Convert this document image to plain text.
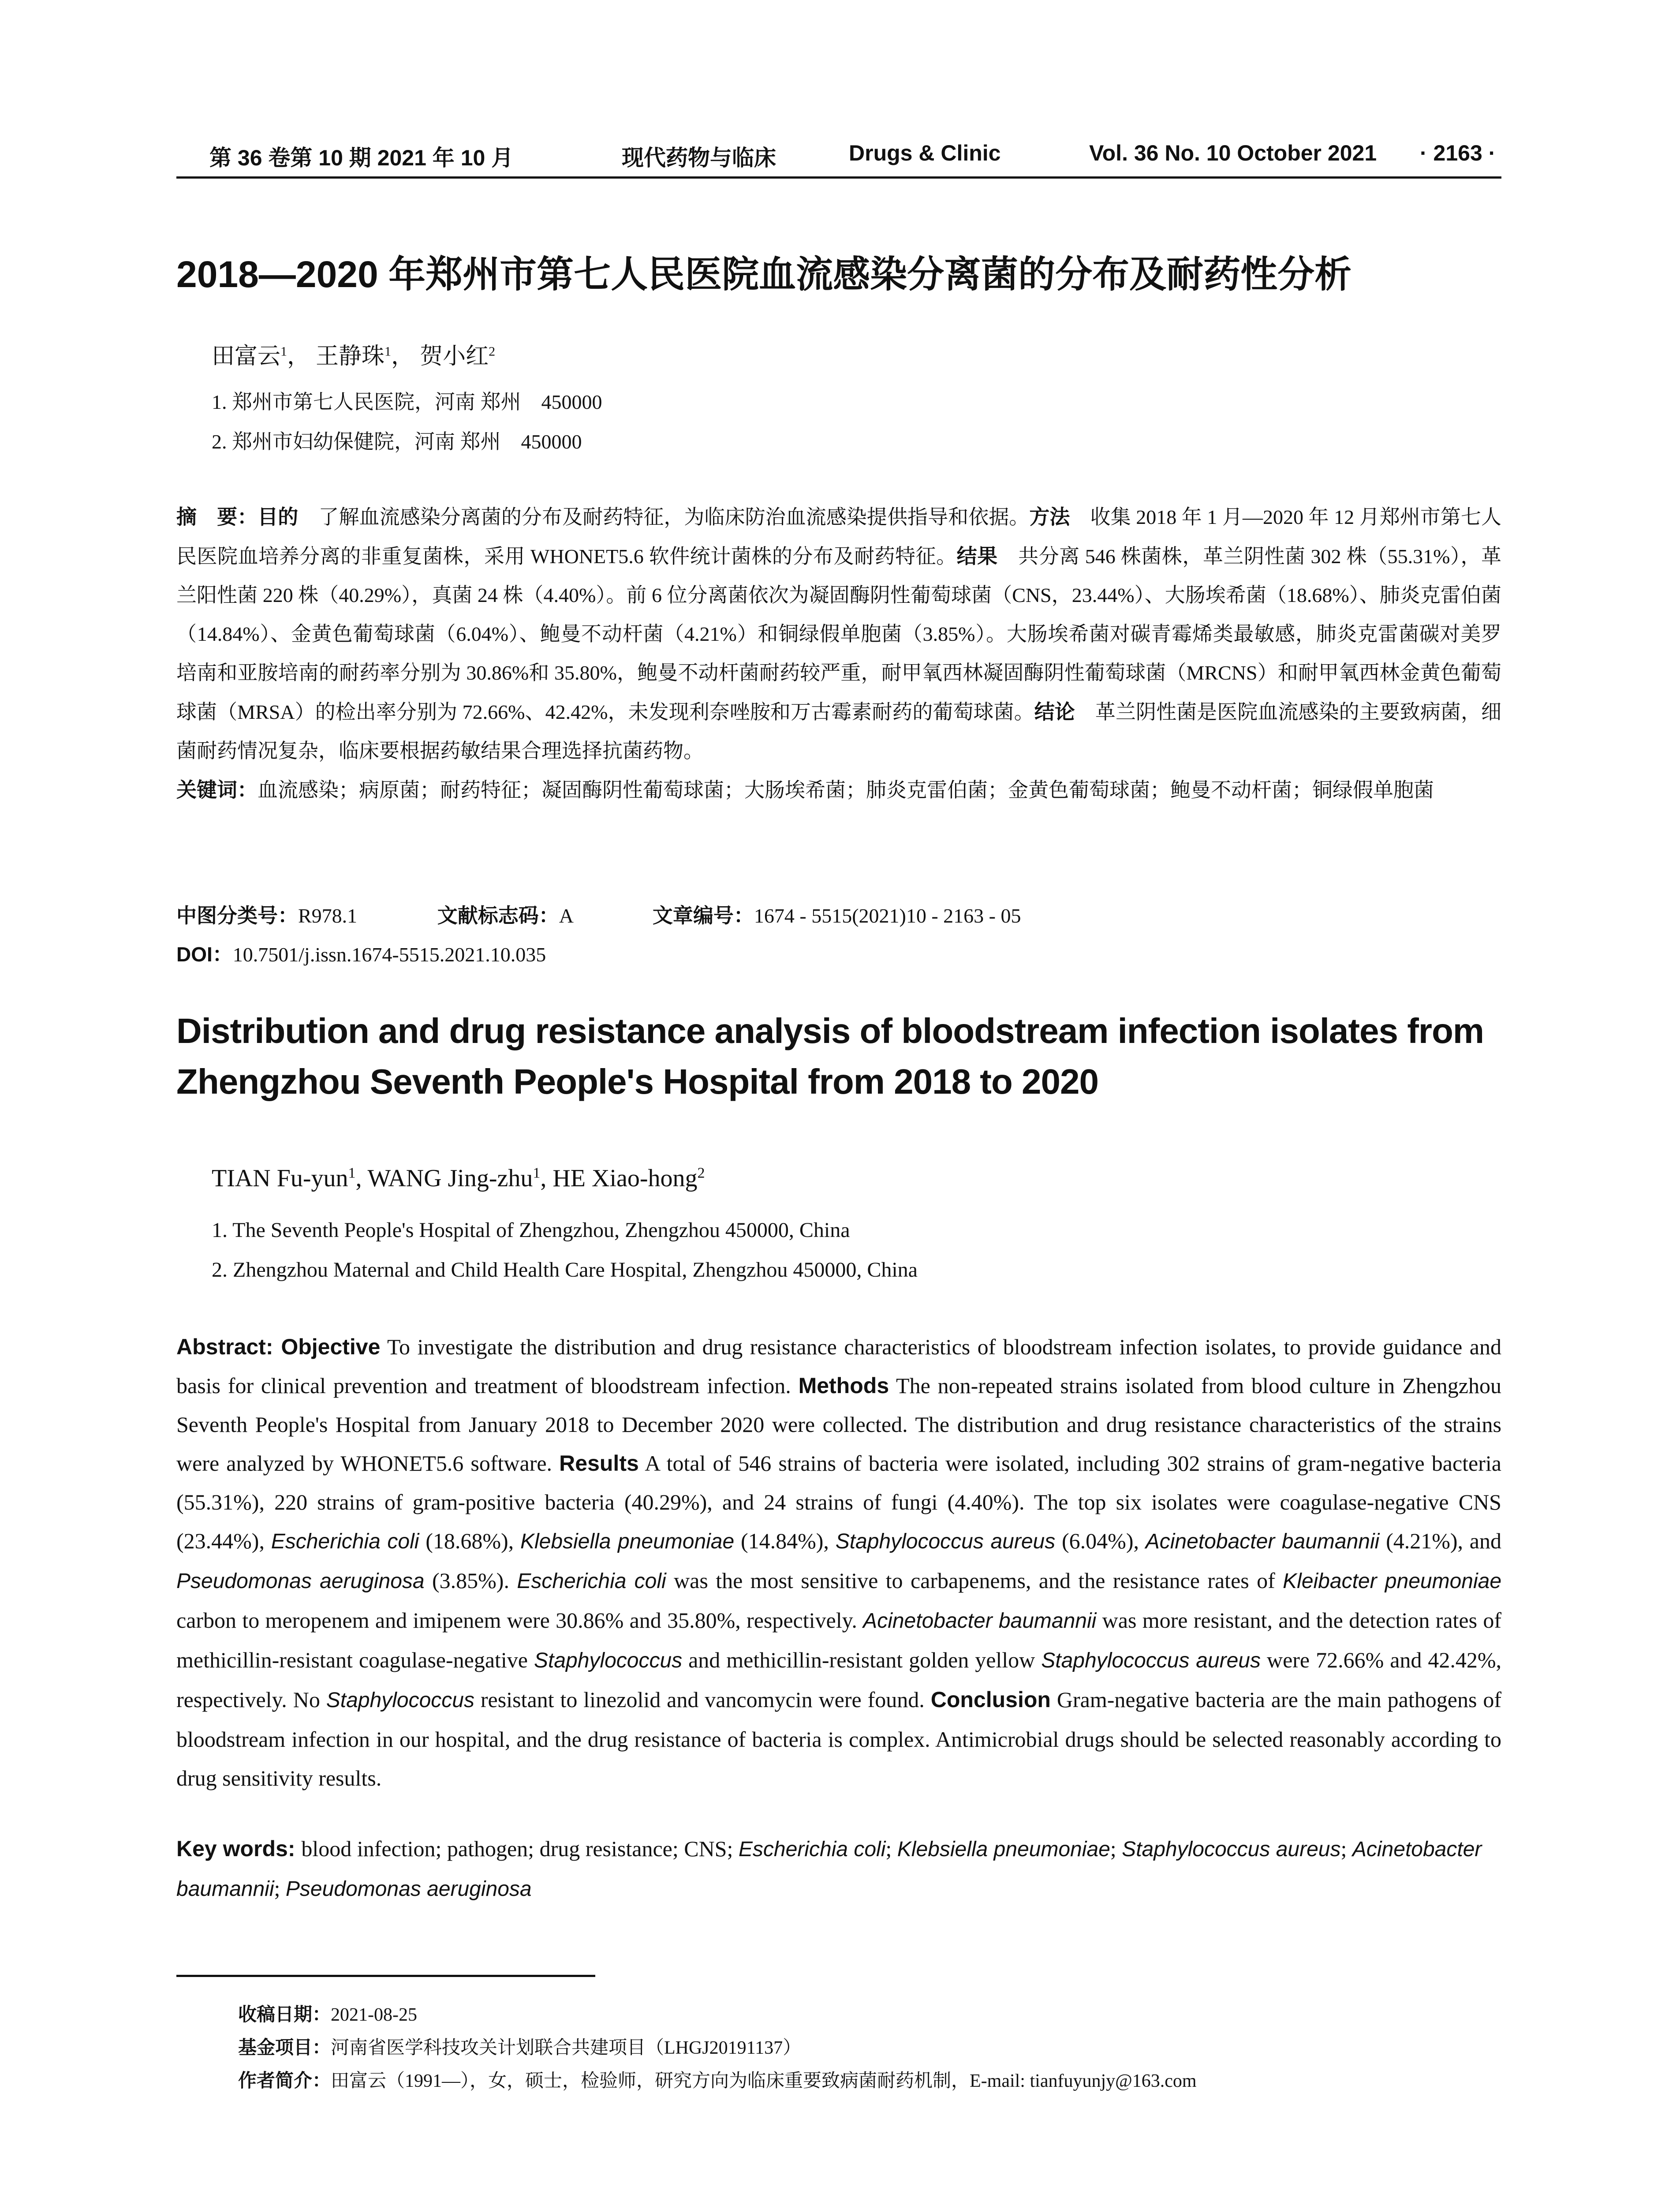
第 36 卷第 10 期 2021 年 10 月	现代药物与临床	Drugs & Clinic	Vol. 36 No. 10 October 2021 · 2163 ·
2018—2020 年郑州市第七人民医院血流感染分离菌的分布及耐药性分析
田富云$^1$， 王静珠$^1$， 贺小红$^2$
1. 郑州市第七人民医院，河南 郑州　450000
2. 郑州市妇幼保健院，河南 郑州　450000
摘　要：目的　了解血流感染分离菌的分布及耐药特征，为临床防治血流感染提供指导和依据。方法　收集 2018 年 1 月—2020 年 12 月郑州市第七人民医院血培养分离的非重复菌株，采用 WHONET5.6 软件统计菌株的分布及耐药特征。结果　共分离 546 株菌株，革兰阴性菌 302 株（55.31%），革兰阳性菌 220 株（40.29%），真菌 24 株（4.40%）。前 6 位分离菌依次为凝固酶阴性葡萄球菌（CNS，23.44%）、大肠埃希菌（18.68%）、肺炎克雷伯菌（14.84%）、金黄色葡萄球菌（6.04%）、鲍曼不动杆菌（4.21%）和铜绿假单胞菌（3.85%）。大肠埃希菌对碳青霉烯类最敏感，肺炎克雷菌碳对美罗培南和亚胺培南的耐药率分别为 30.86%和 35.80%，鲍曼不动杆菌耐药较严重，耐甲氧西林凝固酶阴性葡萄球菌（MRCNS）和耐甲氧西林金黄色葡萄球菌（MRSA）的检出率分别为 72.66%、42.42%，未发现利奈唑胺和万古霉素耐药的葡萄球菌。结论　革兰阴性菌是医院血流感染的主要致病菌，细菌耐药情况复杂，临床要根据药敏结果合理选择抗菌药物。
关键词：血流感染；病原菌；耐药特征；凝固酶阴性葡萄球菌；大肠埃希菌；肺炎克雷伯菌；金黄色葡萄球菌；鲍曼不动杆菌；铜绿假单胞菌
中图分类号：R978.1	文献标志码：A	文章编号：1674 - 5515(2021)10 - 2163 - 05
DOI：10.7501/j.issn.1674-5515.2021.10.035
Distribution and drug resistance analysis of bloodstream infection isolates from Zhengzhou Seventh People's Hospital from 2018 to 2020
TIAN Fu-yun$^1$, WANG Jing-zhu$^1$, HE Xiao-hong$^2$
1. The Seventh People's Hospital of Zhengzhou, Zhengzhou 450000, China
2. Zhengzhou Maternal and Child Health Care Hospital, Zhengzhou 450000, China
Abstract: Objective To investigate the distribution and drug resistance characteristics of bloodstream infection isolates, to provide guidance and basis for clinical prevention and treatment of bloodstream infection. Methods The non-repeated strains isolated from blood culture in Zhengzhou Seventh People's Hospital from January 2018 to December 2020 were collected. The distribution and drug resistance characteristics of the strains were analyzed by WHONET5.6 software. Results A total of 546 strains of bacteria were isolated, including 302 strains of gram-negative bacteria (55.31%), 220 strains of gram-positive bacteria (40.29%), and 24 strains of fungi (4.40%). The top six isolates were coagulase-negative CNS (23.44%), Escherichia coli (18.68%), Klebsiella pneumoniae (14.84%), Staphylococcus aureus (6.04%), Acinetobacter baumannii (4.21%), and Pseudomonas aeruginosa (3.85%). Escherichia coli was the most sensitive to carbapenems, and the resistance rates of Kleibacter pneumoniae carbon to meropenem and imipenem were 30.86% and 35.80%, respectively. Acinetobacter baumannii was more resistant, and the detection rates of methicillin-resistant coagulase-negative Staphylococcus and methicillin-resistant golden yellow Staphylococcus aureus were 72.66% and 42.42%, respectively. No Staphylococcus resistant to linezolid and vancomycin were found. Conclusion Gram-negative bacteria are the main pathogens of bloodstream infection in our hospital, and the drug resistance of bacteria is complex. Antimicrobial drugs should be selected reasonably according to drug sensitivity results.
Key words: blood infection; pathogen; drug resistance; CNS; Escherichia coli; Klebsiella pneumoniae; Staphylococcus aureus; Acinetobacter baumannii; Pseudomonas aeruginosa
收稿日期：2021-08-25
基金项目：河南省医学科技攻关计划联合共建项目（LHGJ20191137）
作者简介：田富云（1991—），女，硕士，检验师，研究方向为临床重要致病菌耐药机制，E-mail: tianfuyunjy@163.com
